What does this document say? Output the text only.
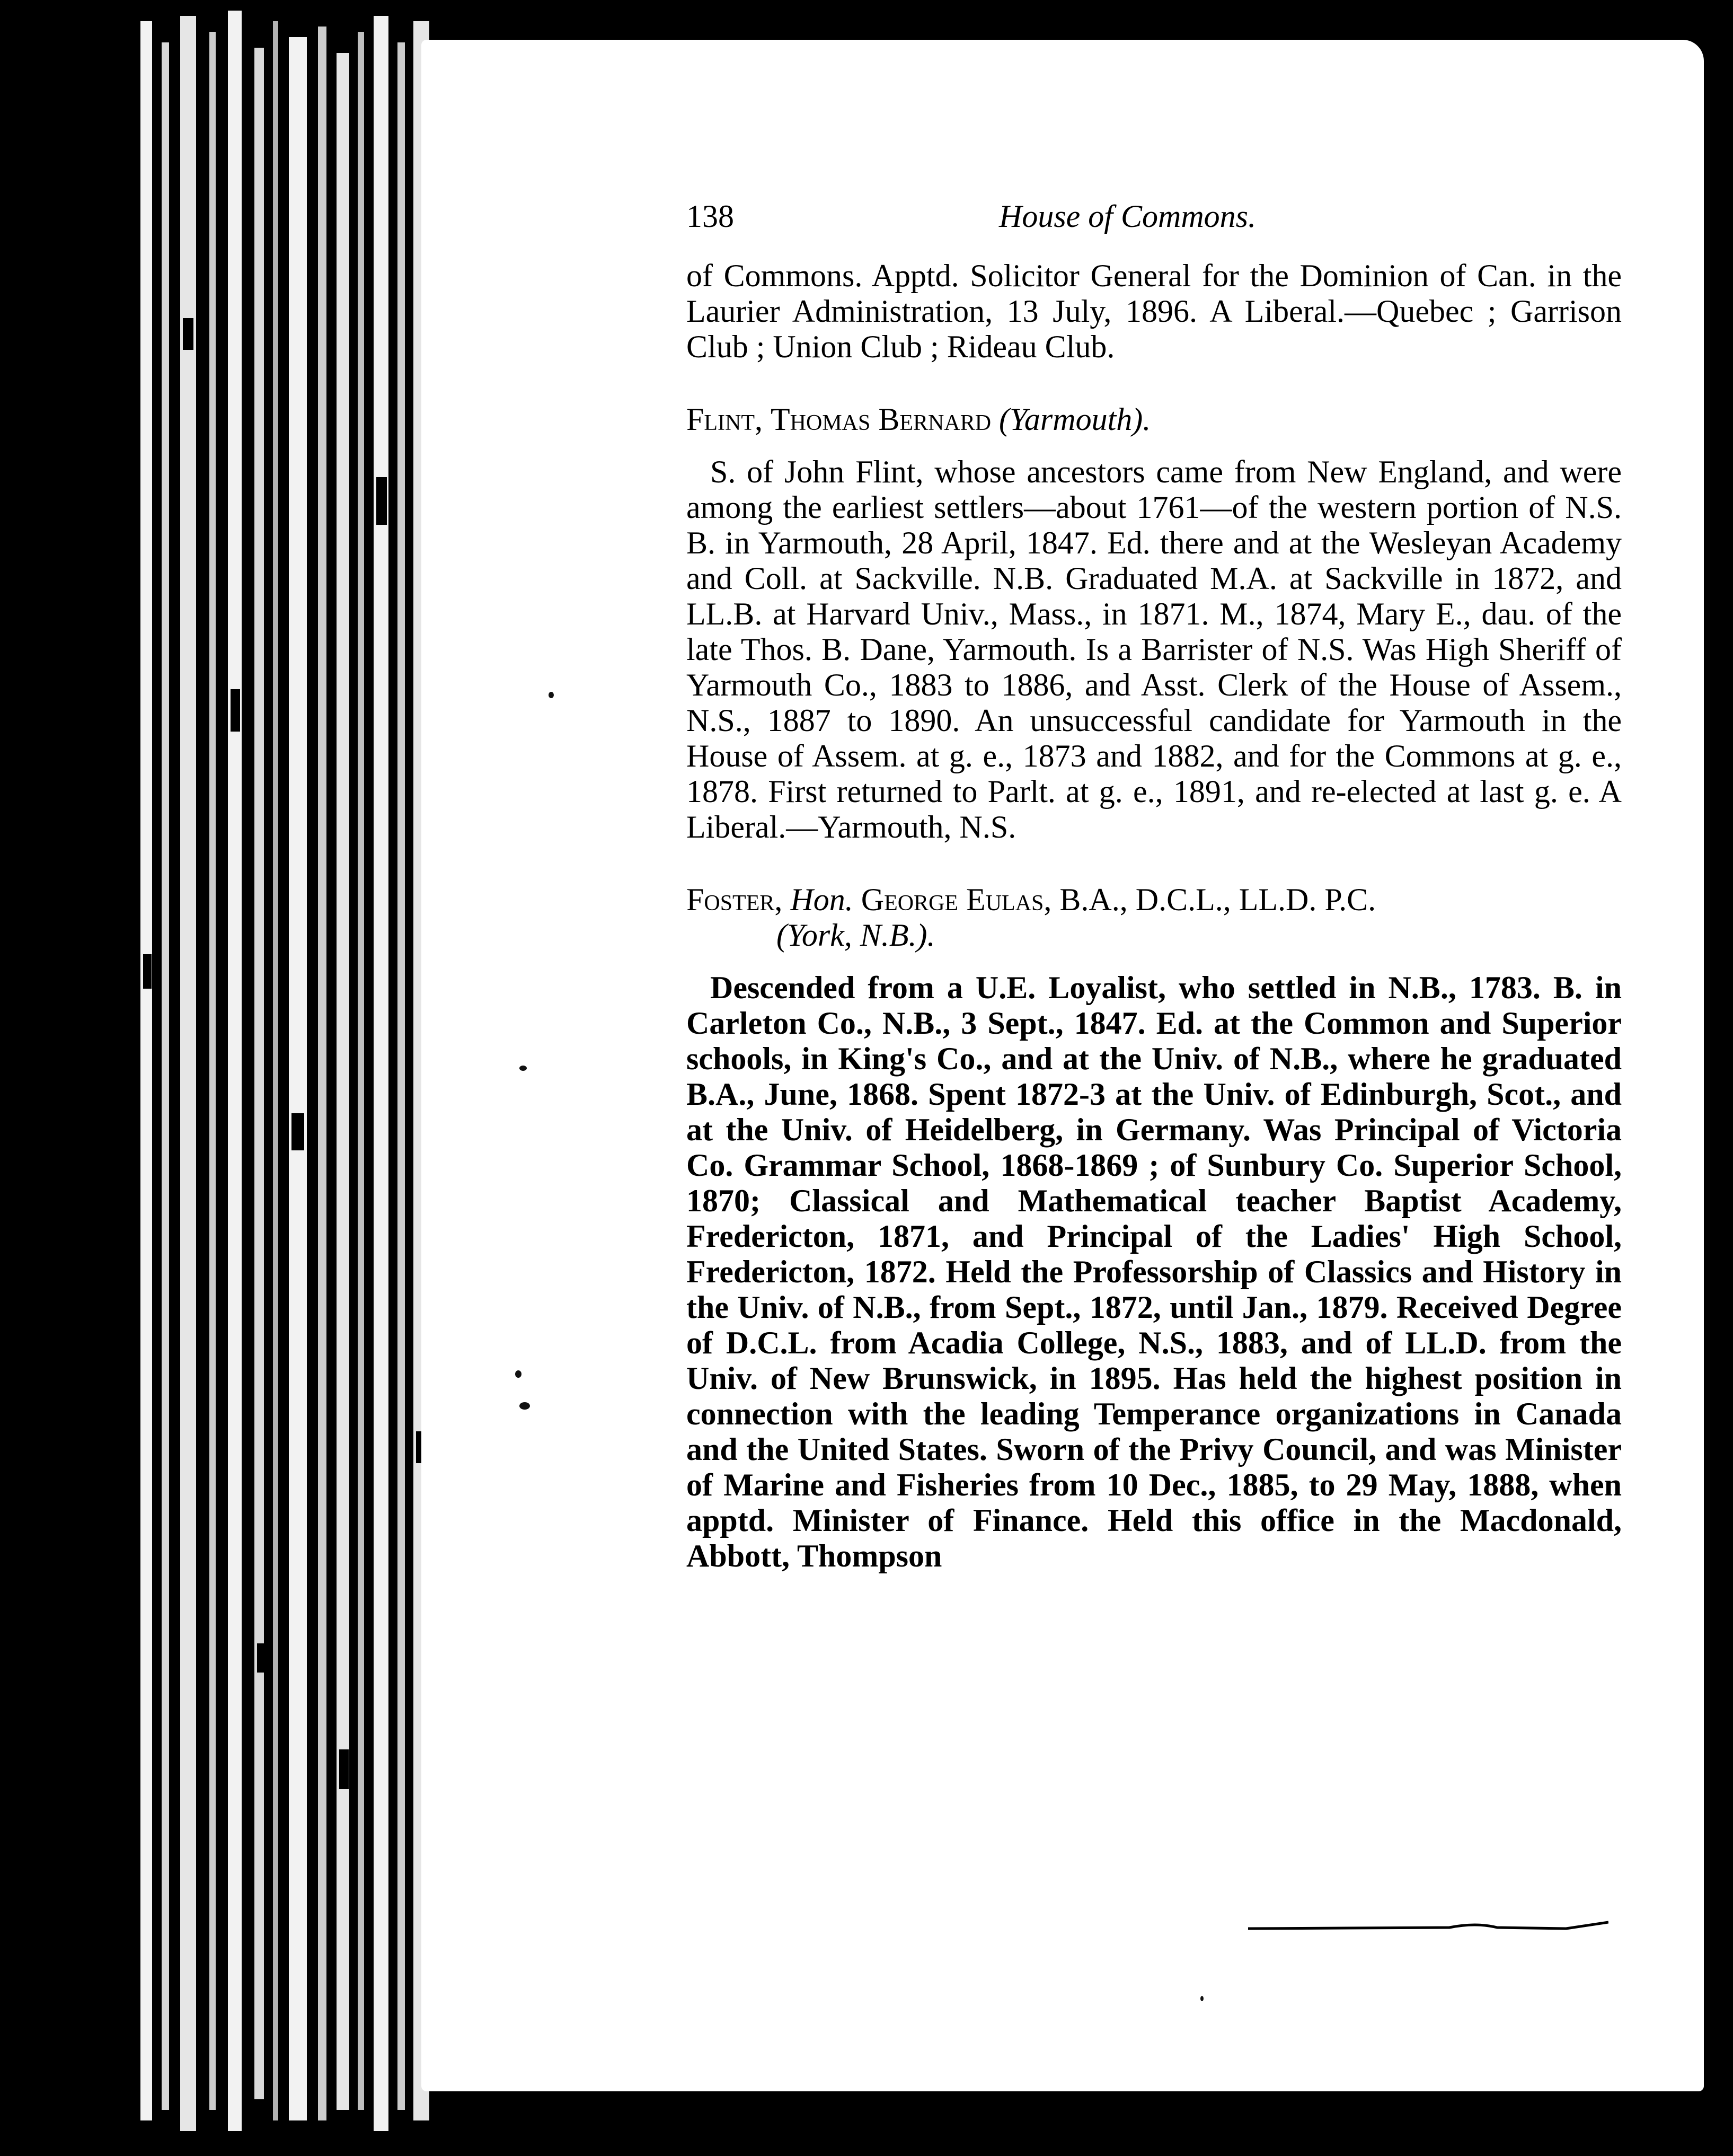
138	House of Commons.

of Commons. Apptd. Solicitor General for the Dominion of Can. in the Laurier Administration, 13 July, 1896. A Liberal.—Quebec ; Garrison Club ; Union Club ; Rideau Club.

Flint, Thomas Bernard (Yarmouth).

S. of John Flint, whose ancestors came from New England, and were among the earliest settlers—about 1761—of the western portion of N.S. B. in Yarmouth, 28 April, 1847. Ed. there and at the Wesleyan Academy and Coll. at Sackville. N.B. Graduated M.A. at Sackville in 1872, and LL.B. at Harvard Univ., Mass., in 1871. M., 1874, Mary E., dau. of the late Thos. B. Dane, Yarmouth. Is a Barrister of N.S. Was High Sheriff of Yarmouth Co., 1883 to 1886, and Asst. Clerk of the House of Assem., N.S., 1887 to 1890. An unsuccessful candidate for Yarmouth in the House of Assem. at g. e., 1873 and 1882, and for the Commons at g. e., 1878. First returned to Parlt. at g. e., 1891, and re-elected at last g. e. A Liberal.—Yarmouth, N.S.

Foster, Hon. George Eulas, B.A., D.C.L., LL.D. P.C.
(York, N.B.).

Descended from a U.E. Loyalist, who settled in N.B., 1783. B. in Carleton Co., N.B., 3 Sept., 1847. Ed. at the Common and Superior schools, in King's Co., and at the Univ. of N.B., where he graduated B.A., June, 1868. Spent 1872-3 at the Univ. of Edinburgh, Scot., and at the Univ. of Heidelberg, in Germany. Was Principal of Victoria Co. Grammar School, 1868-1869 ; of Sunbury Co. Superior School, 1870; Classical and Mathematical teacher Baptist Academy, Fredericton, 1871, and Principal of the Ladies' High School, Fredericton, 1872. Held the Professorship of Classics and History in the Univ. of N.B., from Sept., 1872, until Jan., 1879. Received Degree of D.C.L. from Acadia College, N.S., 1883, and of LL.D. from the Univ. of New Brunswick, in 1895. Has held the highest position in connection with the leading Temperance organizations in Canada and the United States. Sworn of the Privy Council, and was Minister of Marine and Fisheries from 10 Dec., 1885, to 29 May, 1888, when apptd. Minister of Finance. Held this office in the Macdonald, Abbott, Thompson
